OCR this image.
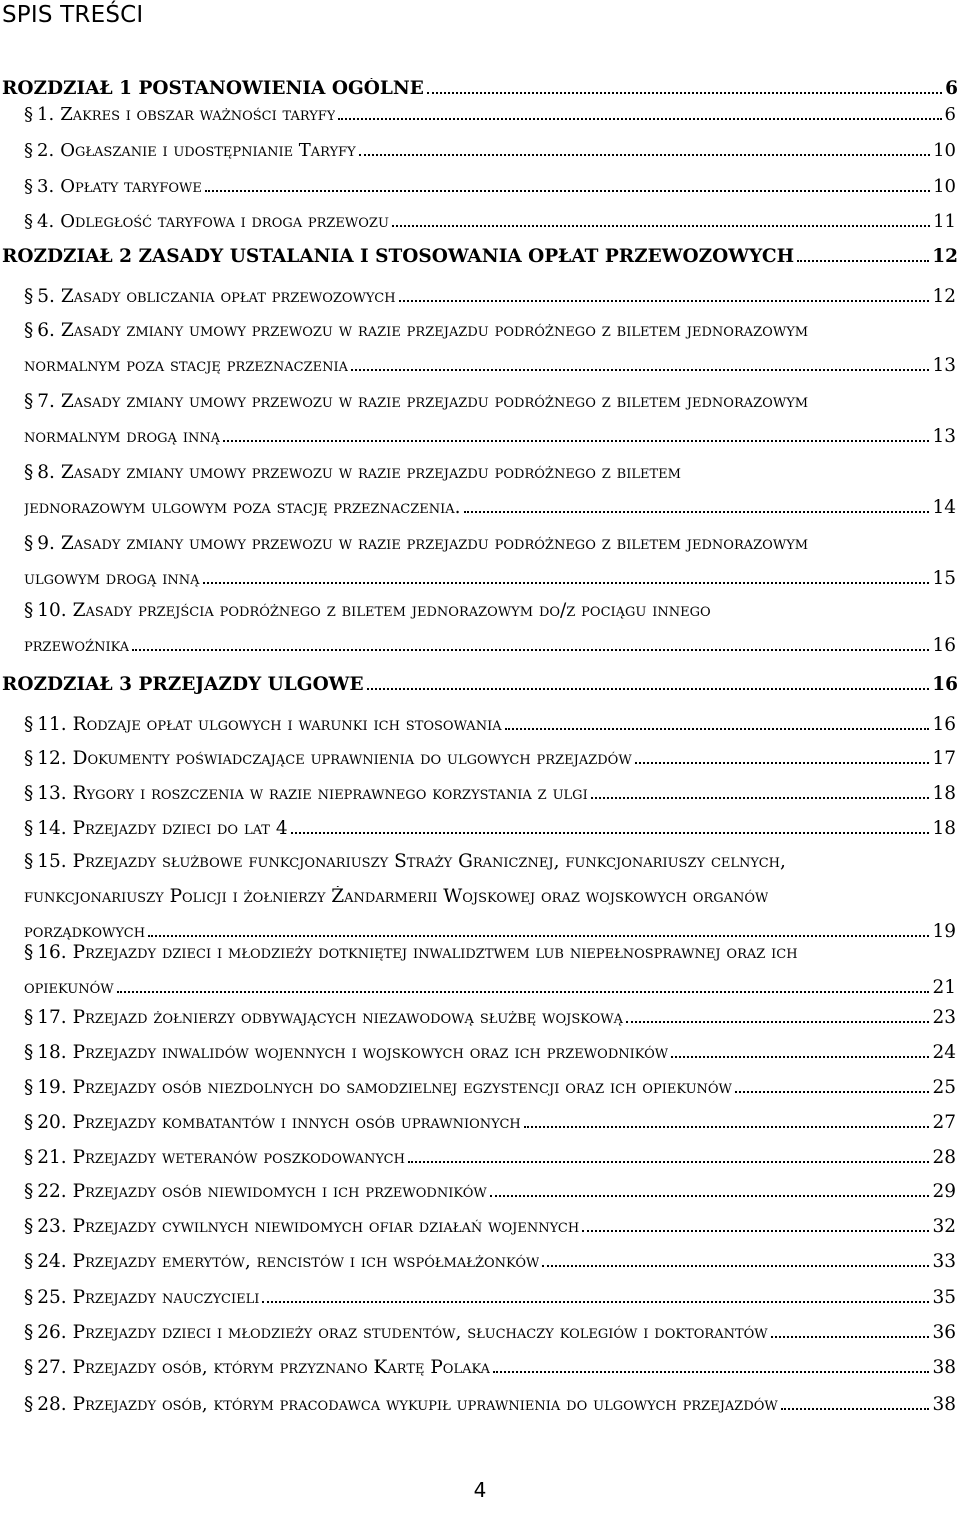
SPIS TREŚCI
ROZDZIAŁ 1 POSTANOWIENIA OGÓLNE	6
§ 1. Zakres i obszar ważności taryfy	6
§ 2. Ogłaszanie i udostępnianie Taryfy	10
§ 3. Opłaty taryfowe	10
§ 4. Odległość taryfowa i droga przewozu	11
ROZDZIAŁ 2 ZASADY USTALANIA I STOSOWANIA OPŁAT PRZEWOZOWYCH	12
§ 5. Zasady obliczania opłat przewozowych	12
§ 6. Zasady zmiany umowy przewozu w razie przejazdu podróżnego z biletem jednorazowym
normalnym poza stację przeznaczenia	13
§ 7. Zasady zmiany umowy przewozu w razie przejazdu podróżnego z biletem jednorazowym
normalnym drogą inną	13
§ 8. Zasady zmiany umowy przewozu w razie przejazdu podróżnego z biletem
jednorazowym ulgowym poza stację przeznaczenia.	14
§ 9. Zasady zmiany umowy przewozu w razie przejazdu podróżnego z biletem jednorazowym
ulgowym drogą inną	15
§ 10. Zasady przejścia podróżnego z biletem jednorazowym do/z pociągu innego
przewoźnika	16
ROZDZIAŁ 3 PRZEJAZDY ULGOWE	16
§ 11. Rodzaje opłat ulgowych i warunki ich stosowania	16
§ 12. Dokumenty poświadczające uprawnienia do ulgowych przejazdów	17
§ 13. Rygory i roszczenia w razie nieprawnego korzystania z ulgi	18
§ 14. Przejazdy dzieci do lat 4	18
§ 15. Przejazdy służbowe funkcjonariuszy Straży Granicznej, funkcjonariuszy celnych,
funkcjonariuszy Policji i żołnierzy Żandarmerii Wojskowej oraz wojskowych organów
porządkowych	19
§ 16. Przejazdy dzieci i młodzieży dotkniętej inwalidztwem lub niepełnosprawnej oraz ich
opiekunów	21
§ 17. Przejazd żołnierzy odbywających niezawodową służbę wojskową	23
§ 18. Przejazdy inwalidów wojennych i wojskowych oraz ich przewodników	24
§ 19. Przejazdy osób niezdolnych do samodzielnej egzystencji oraz ich opiekunów	25
§ 20. Przejazdy kombatantów i innych osób uprawnionych	27
§ 21. Przejazdy weteranów poszkodowanych	28
§ 22. Przejazdy osób niewidomych i ich przewodników	29
§ 23. Przejazdy cywilnych niewidomych ofiar działań wojennych	32
§ 24. Przejazdy emerytów, rencistów i ich współmałżonków	33
§ 25. Przejazdy nauczycieli	35
§ 26. Przejazdy dzieci i młodzieży oraz studentów, słuchaczy kolegiów i doktorantów	36
§ 27. Przejazdy osób, którym przyznano Kartę Polaka	38
§ 28. Przejazdy osób, którym pracodawca wykupił uprawnienia do ulgowych przejazdów	38
4
